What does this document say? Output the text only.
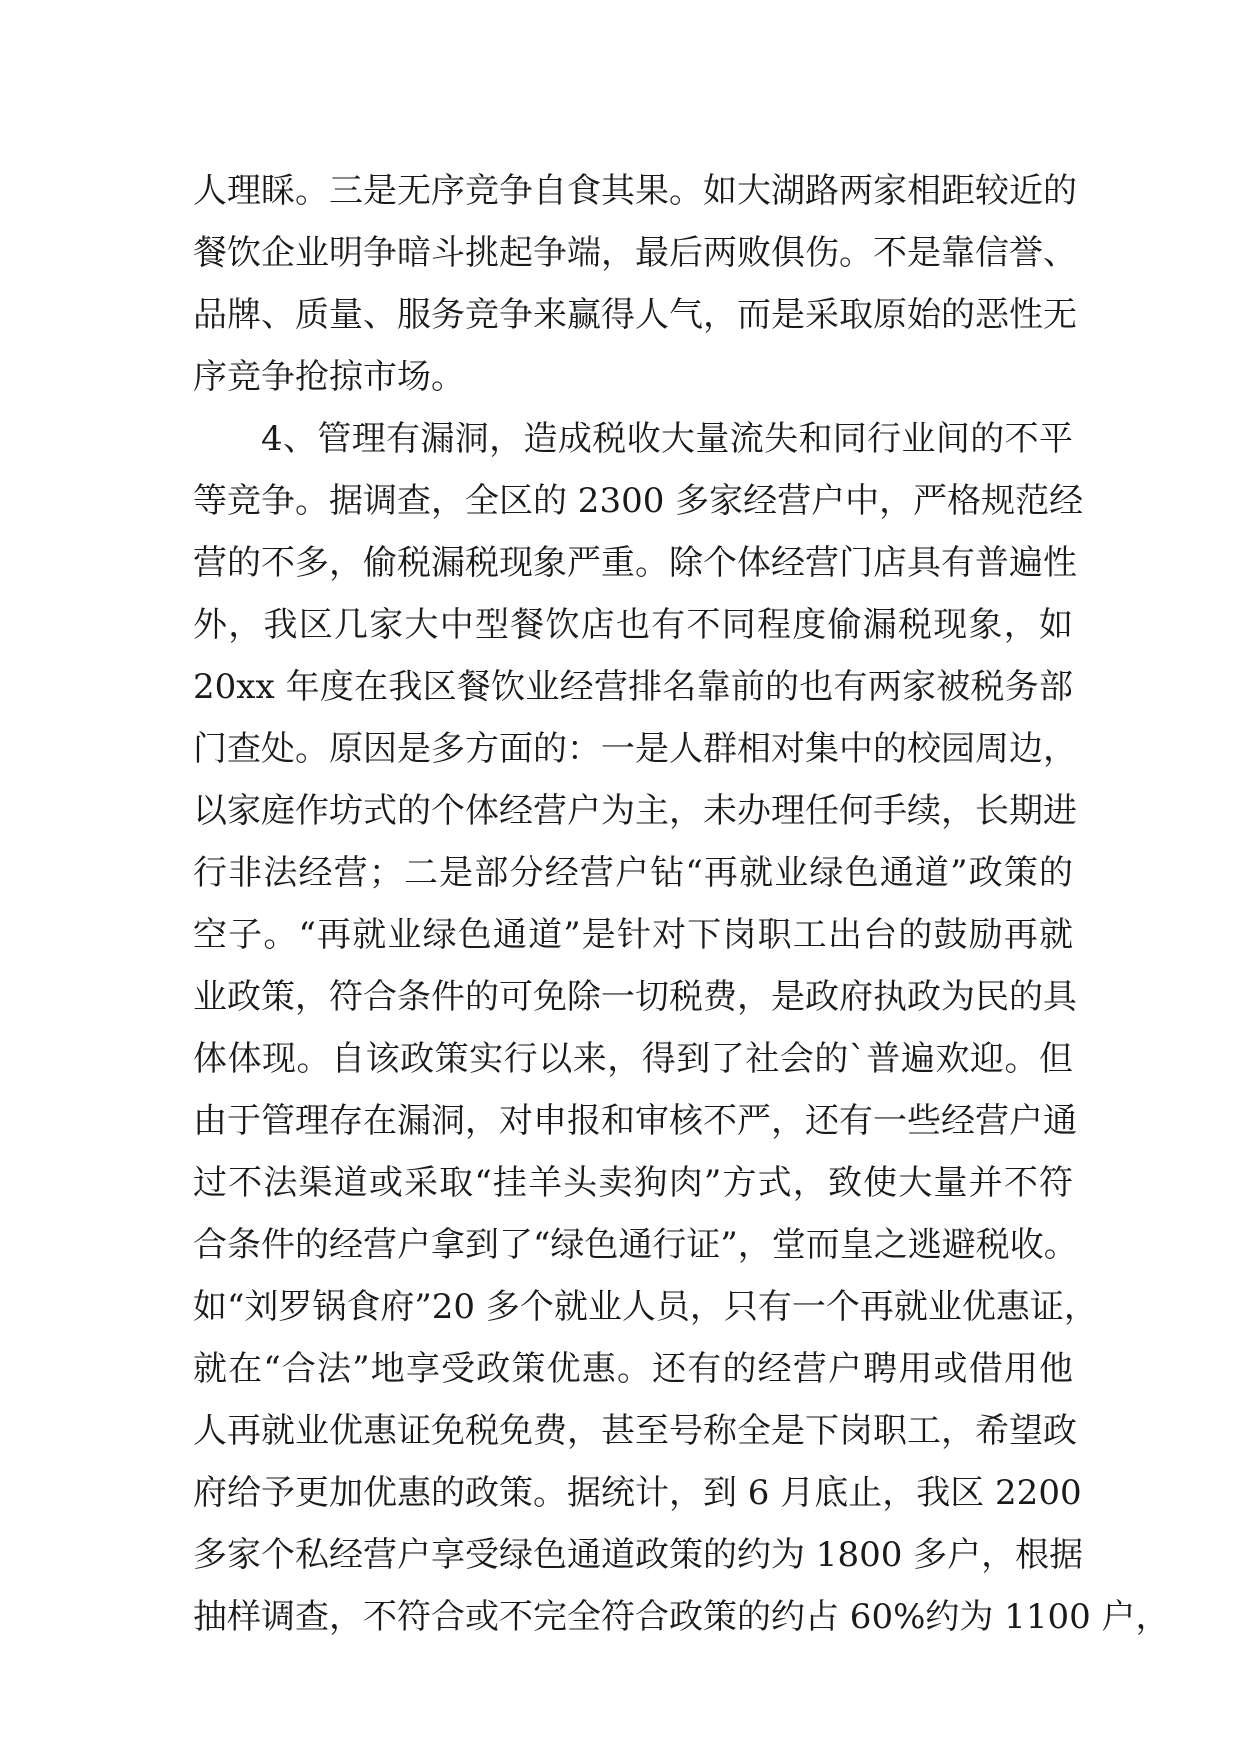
人理睬。三是无序竞争自食其果。如大湖路两家相距较近的
餐饮企业明争暗斗挑起争端，最后两败俱伤。不是靠信誉、
品牌、质量、服务竞争来赢得人气，而是采取原始的恶性无
序竞争抢掠市场。
4、管理有漏洞，造成税收大量流失和同行业间的不平
等竞争。据调查，全区的 2300 多家经营户中，严格规范经
营的不多，偷税漏税现象严重。除个体经营门店具有普遍性
外，我区几家大中型餐饮店也有不同程度偷漏税现象，如
20xx 年度在我区餐饮业经营排名靠前的也有两家被税务部
门查处。原因是多方面的：一是人群相对集中的校园周边，
以家庭作坊式的个体经营户为主，未办理任何手续，长期进
行非法经营；二是部分经营户钻“再就业绿色通道”政策的
空子。“再就业绿色通道”是针对下岗职工出台的鼓励再就
业政策，符合条件的可免除一切税费，是政府执政为民的具
体体现。自该政策实行以来，得到了社会的`普遍欢迎。但
由于管理存在漏洞，对申报和审核不严，还有一些经营户通
过不法渠道或采取“挂羊头卖狗肉”方式，致使大量并不符
合条件的经营户拿到了“绿色通行证”，堂而皇之逃避税收。
如“刘罗锅食府”20 多个就业人员，只有一个再就业优惠证，
就在“合法”地享受政策优惠。还有的经营户聘用或借用他
人再就业优惠证免税免费，甚至号称全是下岗职工，希望政
府给予更加优惠的政策。据统计，到 6 月底止，我区 2200
多家个私经营户享受绿色通道政策的约为 1800 多户，根据
抽样调查，不符合或不完全符合政策的约占 60%约为 1100 户，
